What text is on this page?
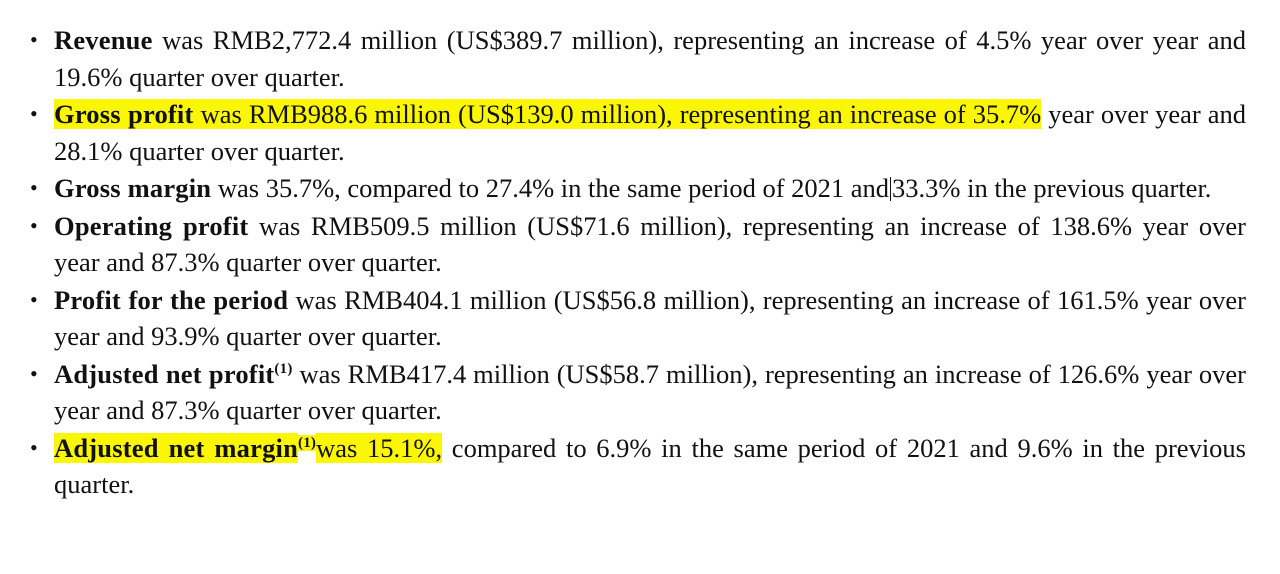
• Revenue was RMB2,772.4 million (US$389.7 million), representing an increase of 4.5% year over year and 19.6% quarter over quarter.
• Gross profit was RMB988.6 million (US$139.0 million), representing an increase of 35.7% year over year and 28.1% quarter over quarter.
• Gross margin was 35.7%, compared to 27.4% in the same period of 2021 and 33.3% in the previous quarter.
• Operating profit was RMB509.5 million (US$71.6 million), representing an increase of 138.6% year over year and 87.3% quarter over quarter.
• Profit for the period was RMB404.1 million (US$56.8 million), representing an increase of 161.5% year over year and 93.9% quarter over quarter.
• Adjusted net profit$^{(1)}$ was RMB417.4 million (US$58.7 million), representing an increase of 126.6% year over year and 87.3% quarter over quarter.
• Adjusted net margin$^{(1)}$was 15.1%, compared to 6.9% in the same period of 2021 and 9.6% in the previous quarter.
